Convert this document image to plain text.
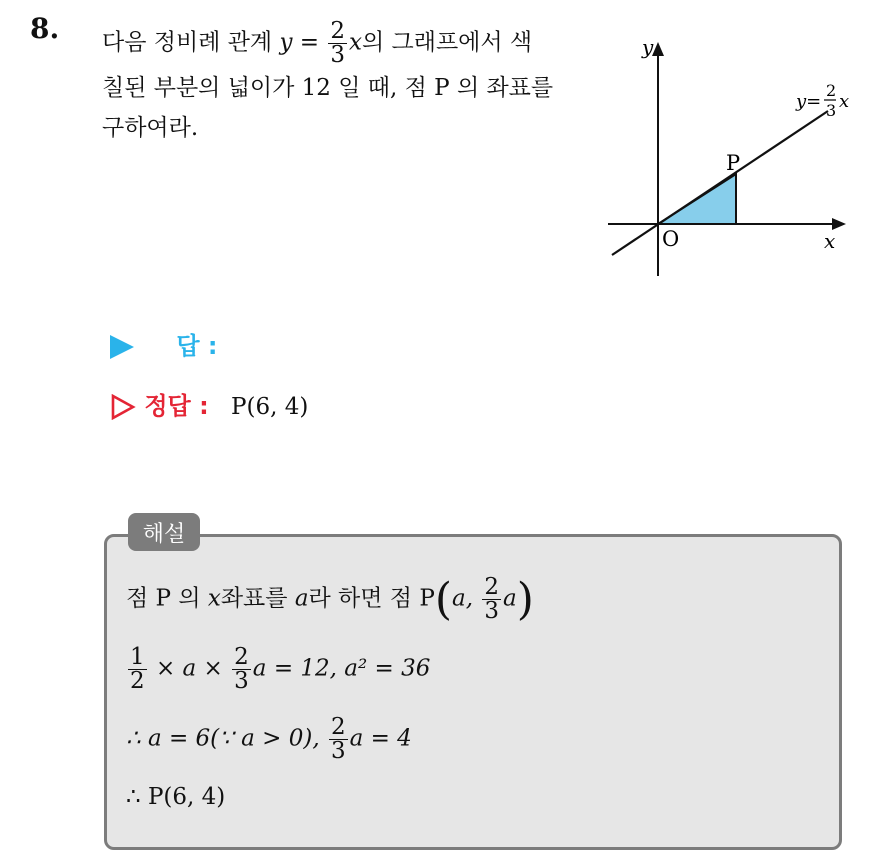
8. 다음 정비례 관계 $y = \frac{2}{3}$ x의 그래프에서 색
칠된 부분의 넓이가 12 일 때, 점 P 의 좌표를
구하여라.
y
x
O
P
y=
2
3 x
답 :
정답 : P(6, 4)
해설
점 P 의 x좌표를 a라 하면 점 P(a, $\frac{2}{3} a$)
$\frac{1}{2} \times a \times \frac{2}{3}$ a = 12, a² = 36
∴ a = 6(∵ a > 0), $\frac{2}{3}$ a = 4
∴ P(6, 4)
